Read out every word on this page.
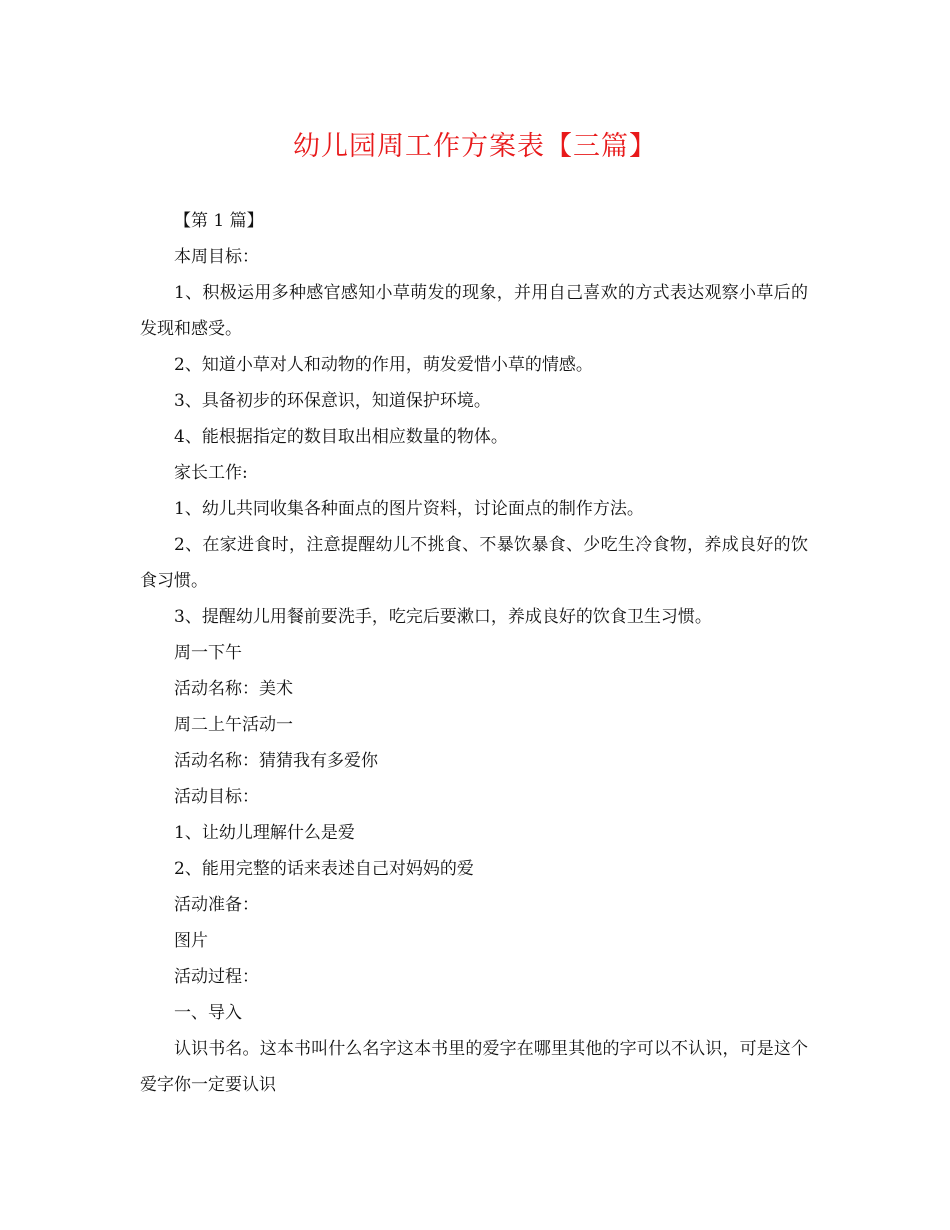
幼儿园周工作方案表【三篇】

【第 1 篇】

本周目标：

1、积极运用多种感官感知小草萌发的现象，并用自己喜欢的方式表达观察小草后的发现和感受。

2、知道小草对人和动物的作用，萌发爱惜小草的情感。

3、具备初步的环保意识，知道保护环境。

4、能根据指定的数目取出相应数量的物体。

家长工作:

1、幼儿共同收集各种面点的图片资料，讨论面点的制作方法。

2、在家进食时，注意提醒幼儿不挑食、不暴饮暴食、少吃生冷食物，养成良好的饮食习惯。

3、提醒幼儿用餐前要洗手，吃完后要漱口，养成良好的饮食卫生习惯。

周一下午

活动名称：美术

周二上午活动一

活动名称：猜猜我有多爱你

活动目标：

1、让幼儿理解什么是爱

2、能用完整的话来表述自己对妈妈的爱

活动准备：

图片

活动过程：

一、导入

认识书名。这本书叫什么名字这本书里的爱字在哪里其他的字可以不认识，可是这个爱字你一定要认识
